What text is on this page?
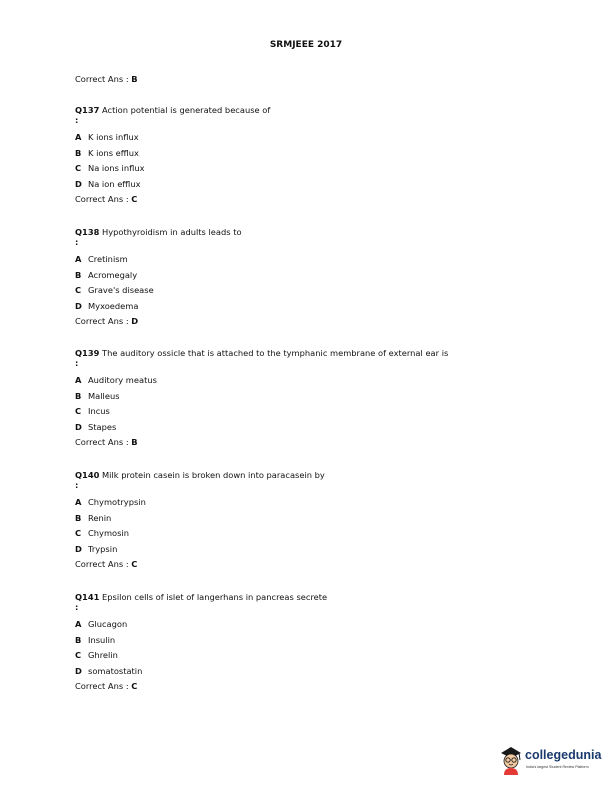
SRMJEEE 2017
Correct Ans : B
Q137 Action potential is generated because of
:
A K ions influx
B K ions efflux
C Na ions influx
D Na ion efflux
Correct Ans : C
Q138 Hypothyroidism in adults leads to
:
A Cretinism
B Acromegaly
C Grave's disease
D Myxoedema
Correct Ans : D
Q139 The auditory ossicle that is attached to the tymphanic membrane of external ear is
:
A Auditory meatus
B Malleus
C Incus
D Stapes
Correct Ans : B
Q140 Milk protein casein is broken down into paracasein by
:
A Chymotrypsin
B Renin
C Chymosin
D Trypsin
Correct Ans : C
Q141 Epsilon cells of islet of langerhans in pancreas secrete
:
A Glucagon
B Insulin
C Ghrelin
D somatostatin
Correct Ans : C
collegedunia
India's largest Student Review Platform
